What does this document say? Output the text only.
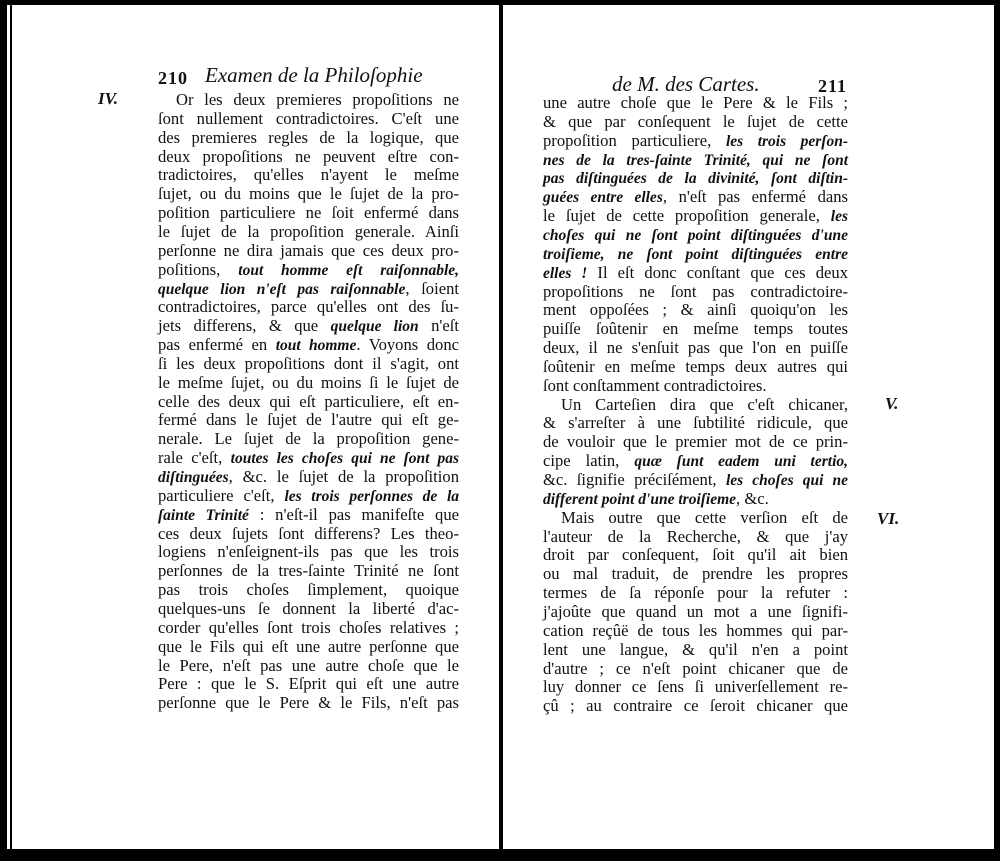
210 Examen de la Philoſophie
IV.	Or les deux premieres propoſitions ne
ſont nullement contradictoires. C'eſt une
des premieres regles de la logique, que
deux propoſitions ne peuvent eſtre con-
tradictoires, qu'elles n'ayent le meſme
ſujet, ou du moins que le ſujet de la pro-
poſition particuliere ne ſoit enfermé dans
le ſujet de la propoſition generale. Ainſi
perſonne ne dira jamais que ces deux pro-
poſitions, tout homme eſt raiſonnable,
quelque lion n'eſt pas raiſonnable, ſoient
contradictoires, parce qu'elles ont des ſu-
jets differens, & que quelque lion n'eſt
pas enfermé en tout homme. Voyons donc
ſi les deux propoſitions dont il s'agit, ont
le meſme ſujet, ou du moins ſi le ſujet de
celle des deux qui eſt particuliere, eſt en-
fermé dans le ſujet de l'autre qui eſt ge-
nerale. Le ſujet de la propoſition gene-
rale c'eſt, toutes les choſes qui ne ſont pas
diſtinguées, &c. le ſujet de la propoſition
particuliere c'eſt, les trois perſonnes de la
ſainte Trinité : n'eſt-il pas manifeſte que
ces deux ſujets ſont differens? Les theo-
logiens n'enſeignent-ils pas que les trois
perſonnes de la tres-ſainte Trinité ne ſont
pas trois choſes ſimplement, quoique
quelques-uns ſe donnent la liberté d'ac-
corder qu'elles ſont trois choſes relatives ;
que le Fils qui eſt une autre perſonne que
le Pere, n'eſt pas une autre choſe que le
Pere : que le S. Eſprit qui eſt une autre
perſonne que le Pere & le Fils, n'eſt pas
de M. des Cartes.	211
V.
VI.
une autre choſe que le Pere & le Fils ;
& que par conſequent le ſujet de cette
propoſition particuliere, les trois perſon-
nes de la tres-ſainte Trinité, qui ne ſont
pas diſtinguées de la divinité, ſont diſtin-
guées entre elles, n'eſt pas enfermé dans
le ſujet de cette propoſition generale, les
choſes qui ne ſont point diſtinguées d'une
troiſieme, ne ſont point diſtinguées entre
elles ! Il eſt donc conſtant que ces deux
propoſitions ne ſont pas contradictoire-
ment oppoſées ; & ainſi quoiqu'on les
puiſſe ſoûtenir en meſme temps toutes
deux, il ne s'enſuit pas que l'on en puiſſe
ſoûtenir en meſme temps deux autres qui
ſont conſtamment contradictoires.
Un Carteſien dira que c'eſt chicaner,
& s'arreſter à une ſubtilité ridicule, que
de vouloir que le premier mot de ce prin-
cipe latin, quæ ſunt eadem uni tertio,
&c. ſignifie préciſément, les choſes qui ne
different point d'une troiſieme, &c.
Mais outre que cette verſion eſt de
l'auteur de la Recherche, & que j'ay
droit par conſequent, ſoit qu'il ait bien
ou mal traduit, de prendre les propres
termes de ſa réponſe pour la refuter :
j'ajoûte que quand un mot a une ſignifi-
cation reçûë de tous les hommes qui par-
lent une langue, & qu'il n'en a point
d'autre ; ce n'eſt point chicaner que de
luy donner ce ſens ſi univerſellement re-
çû ; au contraire ce ſeroit chicaner que
